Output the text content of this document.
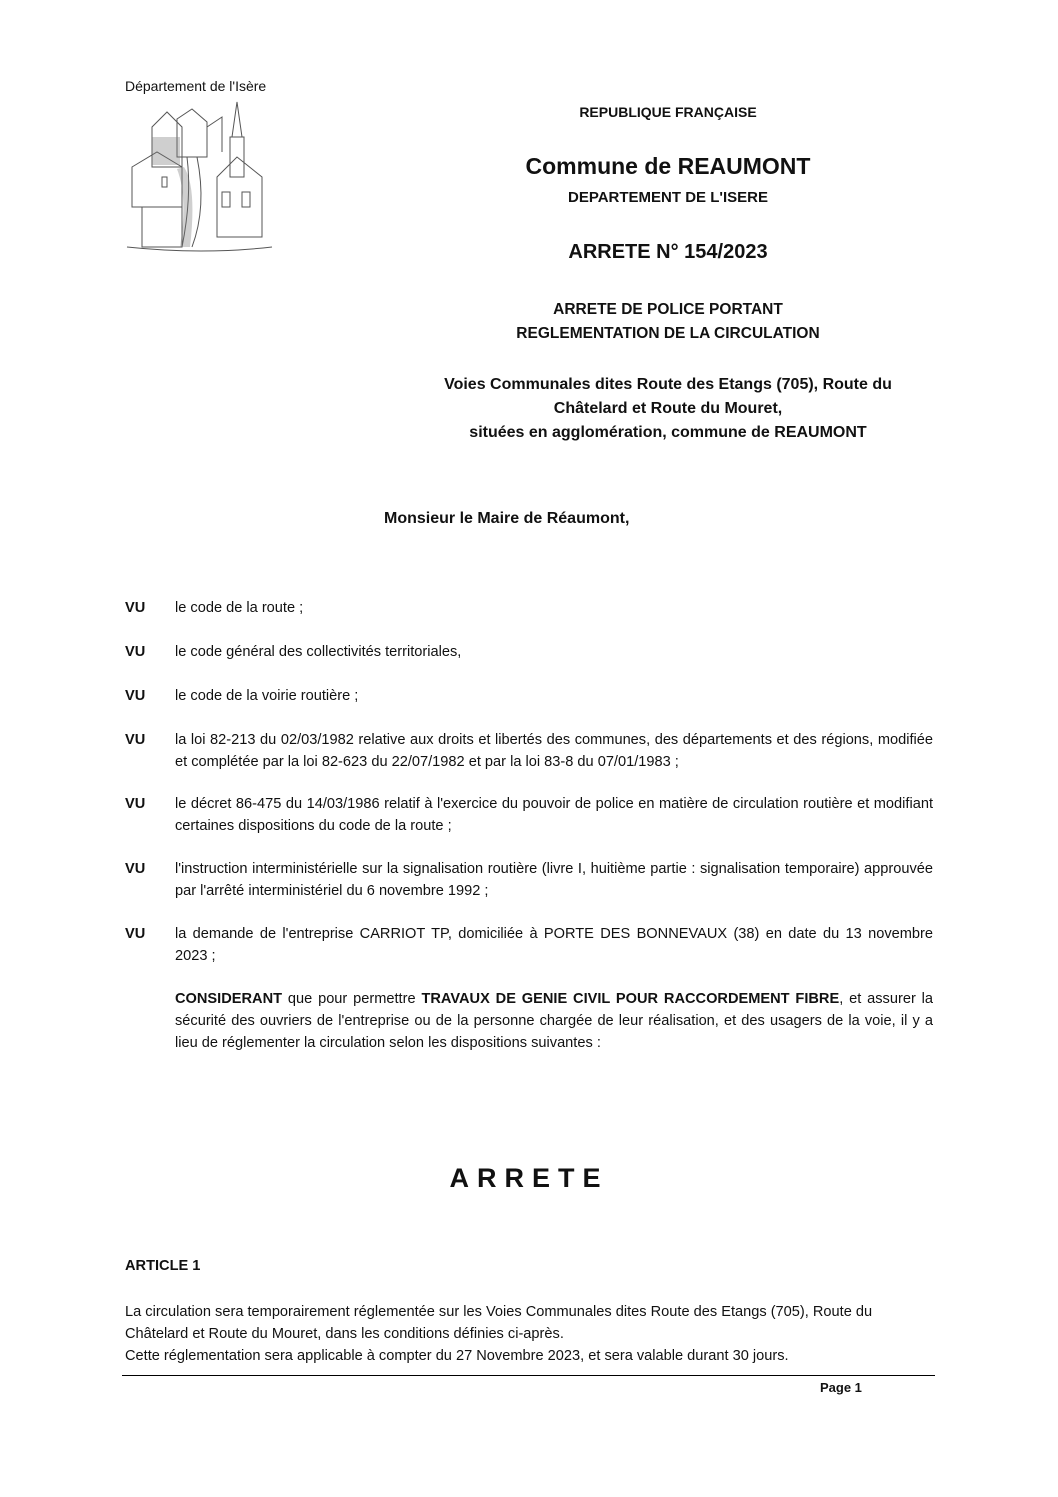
Département de l'Isère
REPUBLIQUE FRANÇAISE
Commune de REAUMONT
DEPARTEMENT DE L'ISERE
ARRETE N° 154/2023
ARRETE DE POLICE PORTANT
REGLEMENTATION DE LA CIRCULATION
Voies Communales dites Route des Etangs (705), Route du
Châtelard et Route du Mouret,
situées en agglomération, commune de REAUMONT
Monsieur le Maire de Réaumont,
VU le code de la route ;
VU le code général des collectivités territoriales,
VU le code de la voirie routière ;
VU la loi 82-213 du 02/03/1982 relative aux droits et libertés des communes, des départements et des régions, modifiée et complétée par la loi 82-623 du 22/07/1982 et par la loi 83-8 du 07/01/1983 ;
VU le décret 86-475 du 14/03/1986 relatif à l'exercice du pouvoir de police en matière de circulation routière et modifiant certaines dispositions du code de la route ;
VU l'instruction interministérielle sur la signalisation routière (livre I, huitième partie : signalisation temporaire) approuvée par l'arrêté interministériel du 6 novembre 1992 ;
VU la demande de l'entreprise CARRIOT TP, domiciliée à PORTE DES BONNEVAUX (38) en date du 13 novembre 2023 ;
CONSIDERANT que pour permettre TRAVAUX DE GENIE CIVIL POUR RACCORDEMENT FIBRE, et assurer la sécurité des ouvriers de l'entreprise ou de la personne chargée de leur réalisation, et des usagers de la voie, il y a lieu de réglementer la circulation selon les dispositions suivantes :
ARRETE
ARTICLE 1
La circulation sera temporairement réglementée sur les Voies Communales dites Route des Etangs (705), Route du Châtelard et Route du Mouret, dans les conditions définies ci-après.
Cette réglementation sera applicable à compter du 27 Novembre 2023, et sera valable durant 30 jours.
Page 1
